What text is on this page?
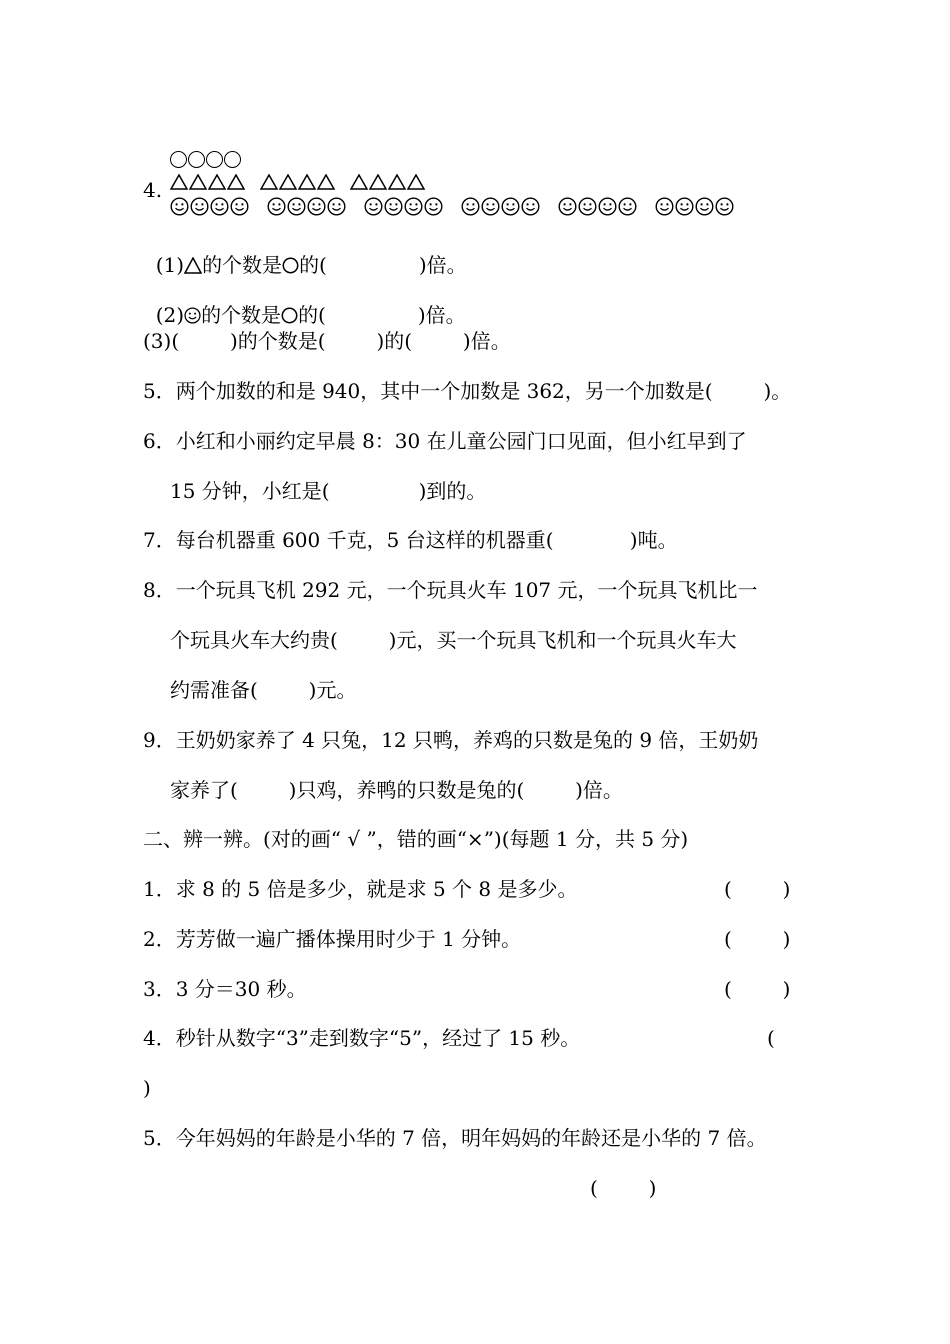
4.

(1) 的个数是 的(	)倍。

(2) 的个数是 的(	)倍。

(3)(        )的个数是(        )的(        )倍。
5．两个加数的和是 940，其中一个加数是 362，另一个加数是(        )。
6．小红和小丽约定早晨 8：30 在儿童公园门口见面，但小红早到了
15 分钟，小红是(              )到的。
7．每台机器重 600 千克，5 台这样的机器重(            )吨。
8．一个玩具飞机 292 元，一个玩具火车 107 元，一个玩具飞机比一
个玩具火车大约贵(        )元，买一个玩具飞机和一个玩具火车大
约需准备(        )元。
9．王奶奶家养了 4 只兔，12 只鸭，养鸡的只数是兔的 9 倍，王奶奶
家养了(        )只鸡，养鸭的只数是兔的(        )倍。
二、辨一辨。(对的画“ √ ”，错的画“×”)(每题 1 分，共 5 分)
1．求 8 的 5 倍是多少，就是求 5 个 8 是多少。	(        )
2．芳芳做一遍广播体操用时少于 1 分钟。	(        )
3．3 分＝30 秒。	(        )
4．秒针从数字“3”走到数字“5”，经过了 15 秒。	(
)
5．今年妈妈的年龄是小华的 7 倍，明年妈妈的年龄还是小华的 7 倍。
(        )
